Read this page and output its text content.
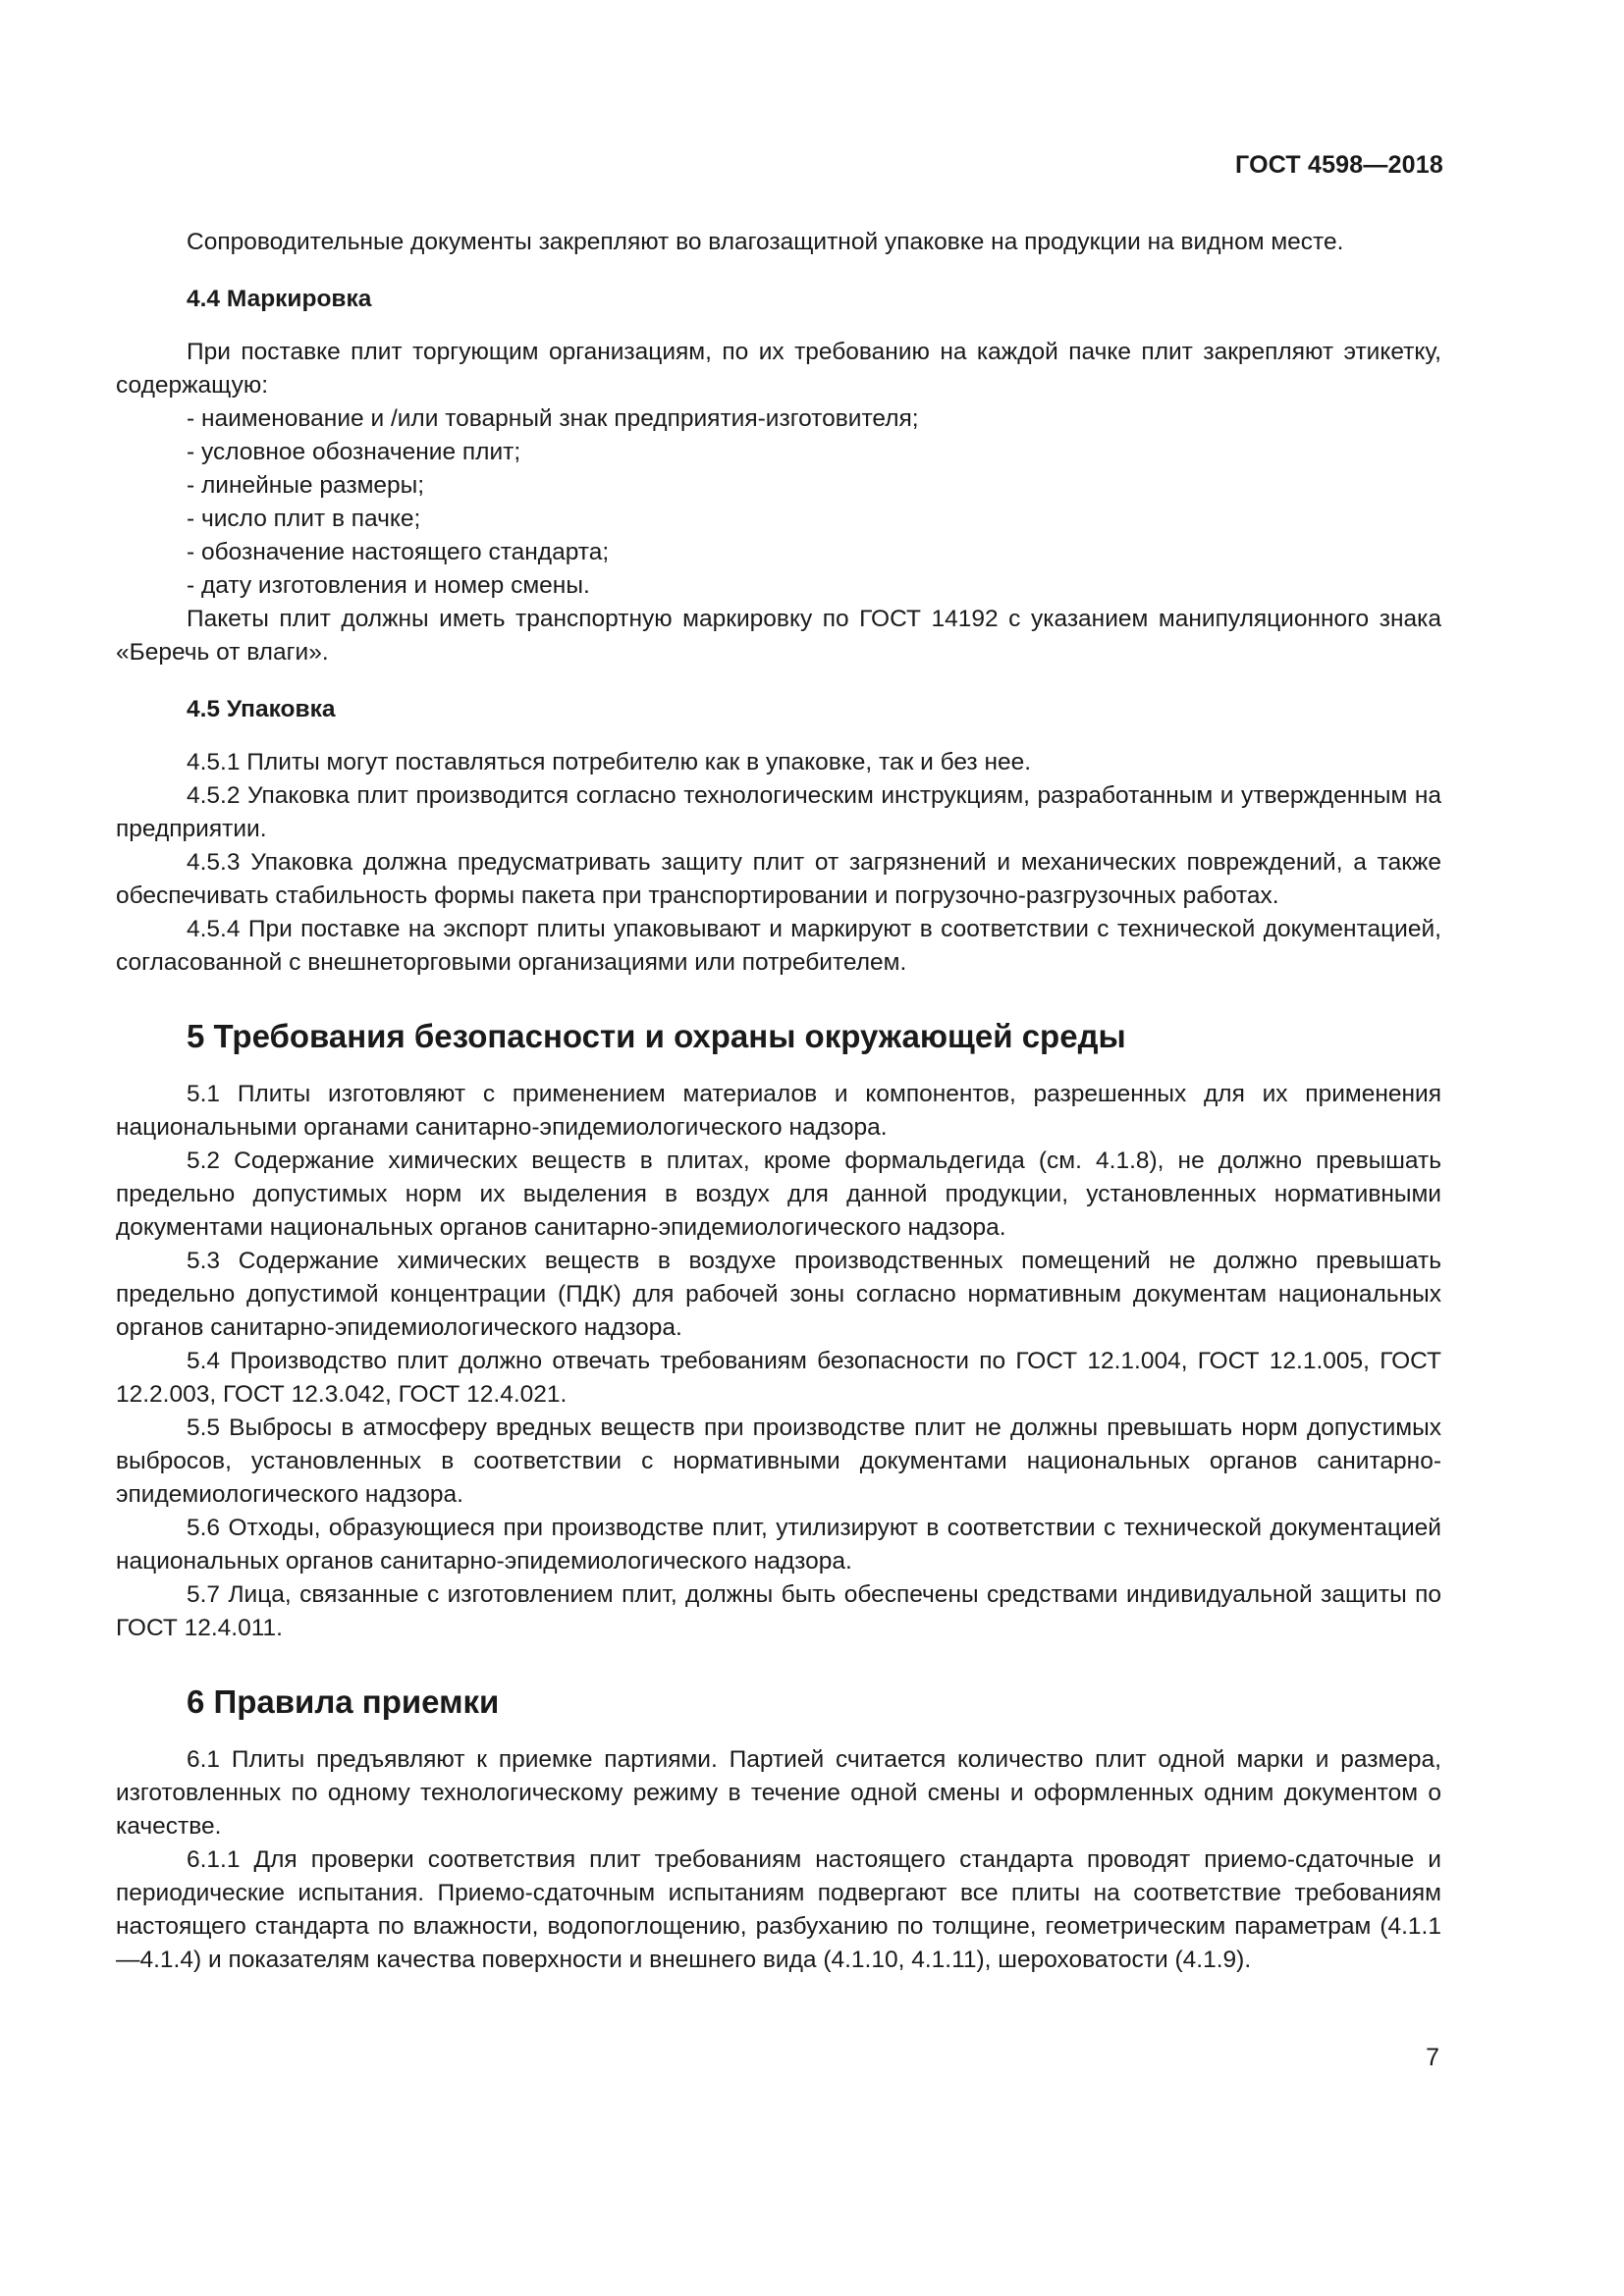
ГОСТ 4598—2018

Сопроводительные документы закрепляют во влагозащитной упаковке на продукции на видном месте.

4.4 Маркировка

При поставке плит торгующим организациям, по их требованию на каждой пачке плит закрепляют этикетку, содержащую:

- наименование и /или товарный знак предприятия-изготовителя;
- условное обозначение плит;
- линейные размеры;
- число плит в пачке;
- обозначение настоящего стандарта;
- дату изготовления и номер смены.

Пакеты плит должны иметь транспортную маркировку по ГОСТ 14192 с указанием манипуляционного знака «Беречь от влаги».

4.5 Упаковка

4.5.1 Плиты могут поставляться потребителю как в упаковке, так и без нее.

4.5.2 Упаковка плит производится согласно технологическим инструкциям, разработанным и утвержденным на предприятии.

4.5.3 Упаковка должна предусматривать защиту плит от загрязнений и механических повреждений, а также обеспечивать стабильность формы пакета при транспортировании и погрузочно-разгрузочных работах.

4.5.4 При поставке на экспорт плиты упаковывают и маркируют в соответствии с технической документацией, согласованной с внешнеторговыми организациями или потребителем.

5 Требования безопасности и охраны окружающей среды

5.1 Плиты изготовляют с применением материалов и компонентов, разрешенных для их применения национальными органами санитарно-эпидемиологического надзора.

5.2 Содержание химических веществ в плитах, кроме формальдегида (см. 4.1.8), не должно превышать предельно допустимых норм их выделения в воздух для данной продукции, установленных нормативными документами национальных органов санитарно-эпидемиологического надзора.

5.3 Содержание химических веществ в воздухе производственных помещений не должно превышать предельно допустимой концентрации (ПДК) для рабочей зоны согласно нормативным документам национальных органов санитарно-эпидемиологического надзора.

5.4 Производство плит должно отвечать требованиям безопасности по ГОСТ 12.1.004, ГОСТ 12.1.005, ГОСТ 12.2.003, ГОСТ 12.3.042, ГОСТ 12.4.021.

5.5 Выбросы в атмосферу вредных веществ при производстве плит не должны превышать норм допустимых выбросов, установленных в соответствии с нормативными документами национальных органов санитарно-эпидемиологического надзора.

5.6 Отходы, образующиеся при производстве плит, утилизируют в соответствии с технической документацией национальных органов санитарно-эпидемиологического надзора.

5.7 Лица, связанные с изготовлением плит, должны быть обеспечены средствами индивидуальной защиты по ГОСТ 12.4.011.

6 Правила приемки

6.1 Плиты предъявляют к приемке партиями. Партией считается количество плит одной марки и размера, изготовленных по одному технологическому режиму в течение одной смены и оформленных одним документом о качестве.

6.1.1 Для проверки соответствия плит требованиям настоящего стандарта проводят приемо-сдаточные и периодические испытания. Приемо-сдаточным испытаниям подвергают все плиты на соответствие требованиям настоящего стандарта по влажности, водопоглощению, разбуханию по толщине, геометрическим параметрам (4.1.1—4.1.4) и показателям качества поверхности и внешнего вида (4.1.10, 4.1.11), шероховатости (4.1.9).

7
